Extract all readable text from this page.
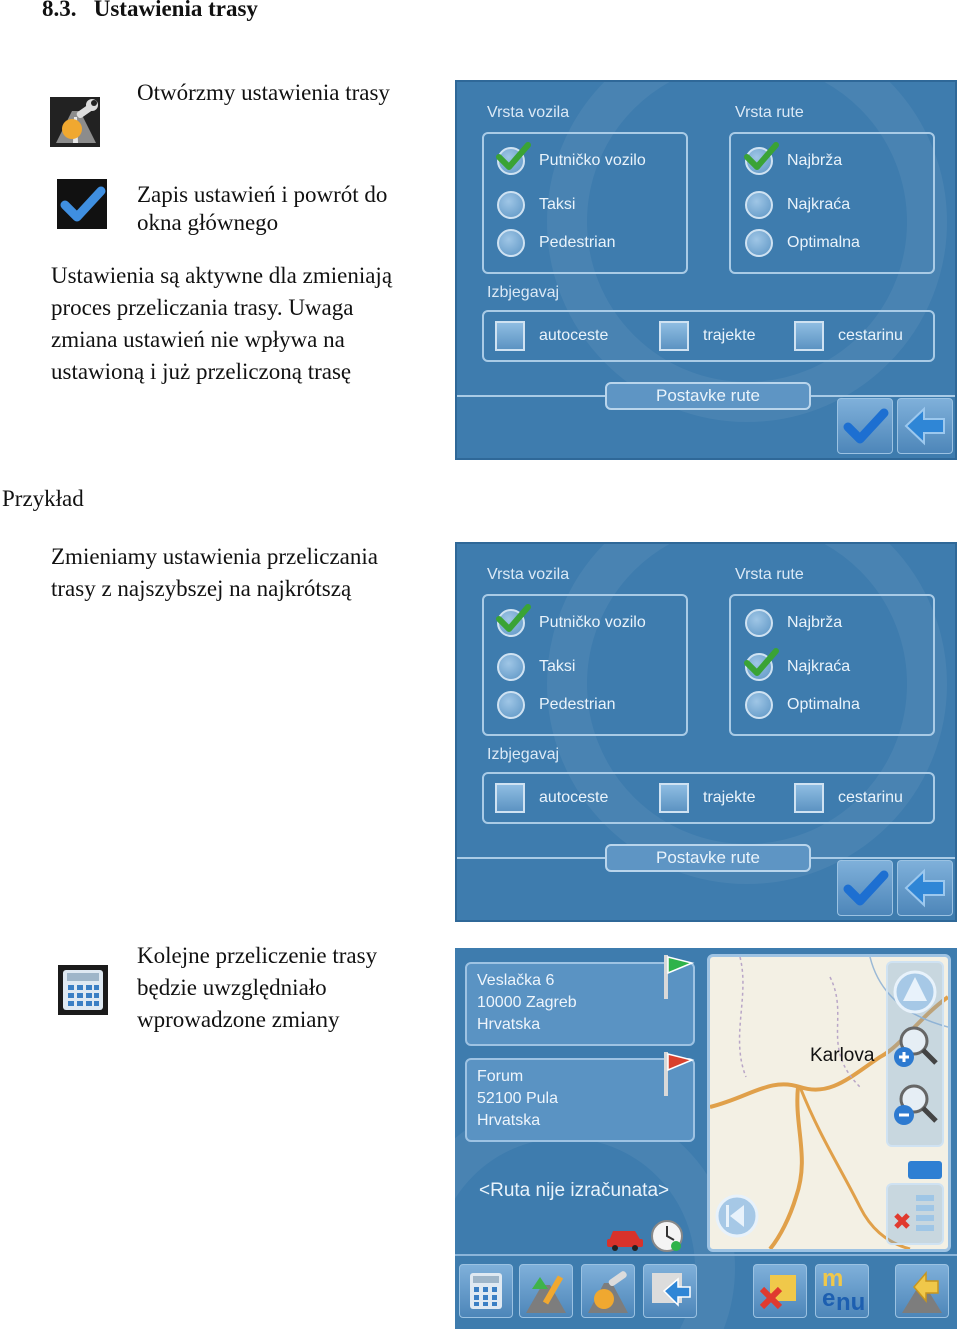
8.3. Ustawienia trasy
Otwórzmy ustawienia trasy
Zapis ustawień i powrót do
okna głównego
Ustawienia są aktywne dla zmieniają
proces przeliczania trasy. Uwaga
zmiana ustawień nie wpływa na
ustawioną i już przeliczoną trasę
Vrsta vozila	Vrsta rute
Putničko vozilo
Taksi
Pedestrian
Najbrža
Najkraća
Optimalna
Izbjegavaj
autoceste	trajekte	cestarinu
Postavke rute
Przykład
Zmieniamy ustawienia przeliczania
trasy z najszybszej na najkrótszą
Vrsta vozila	Vrsta rute
Putničko vozilo
Taksi
Pedestrian
Najbrža
Najkraća
Optimalna
Izbjegavaj
autoceste	trajekte	cestarinu
Postavke rute
Kolejne przeliczenie trasy
będzie uwzględniało
wprowadzone zmiany
Veslačka 6
10000 Zagreb
Hrvatska
Forum
52100 Pula
Hrvatska
<Ruta nije izračunata>
Karlova
m
e nu
